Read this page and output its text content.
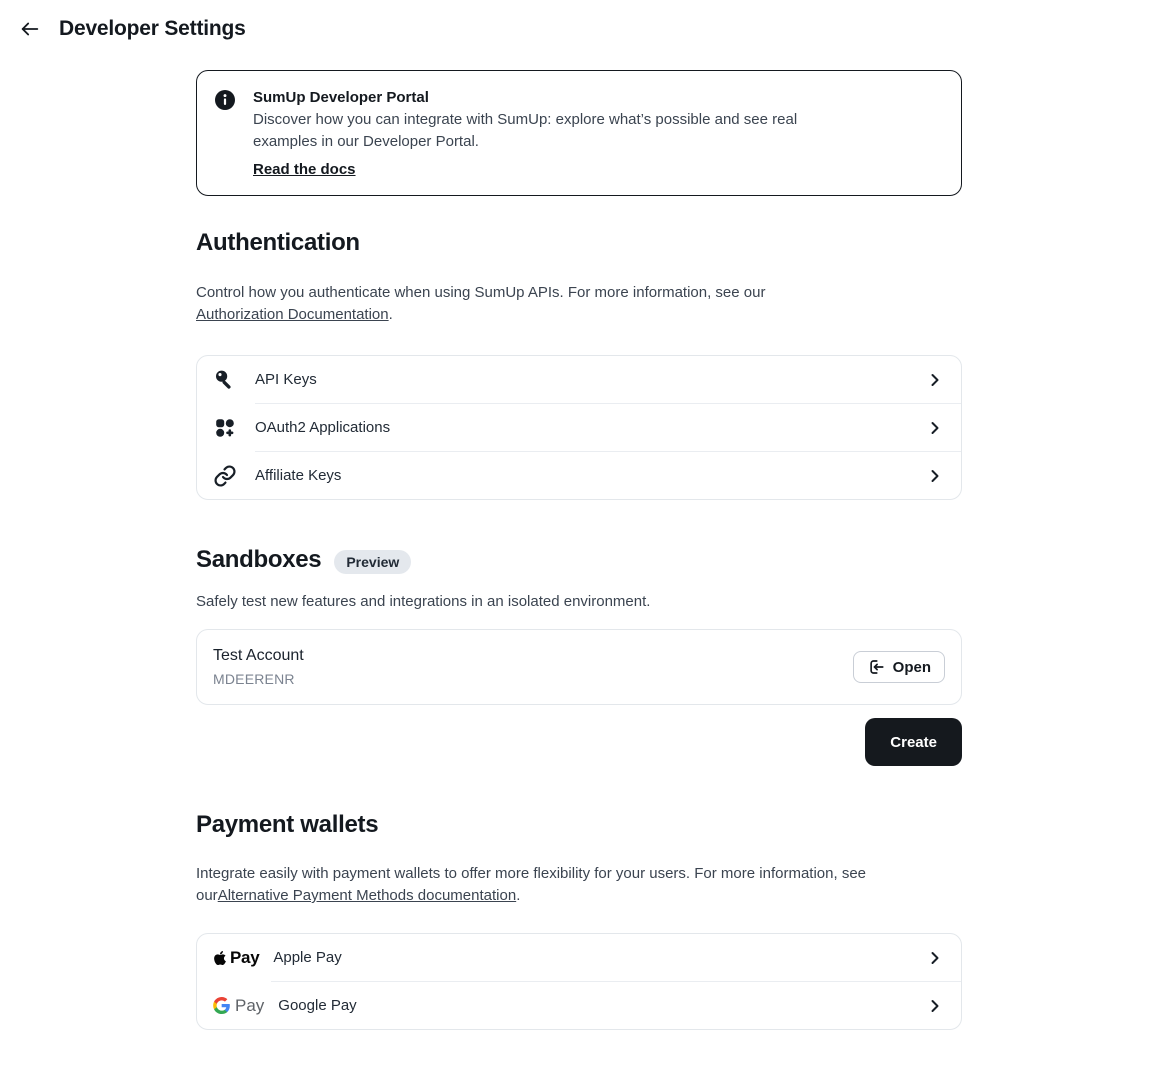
Developer Settings
SumUp Developer Portal
Discover how you can integrate with SumUp: explore what’s possible and see real examples in our Developer Portal.
Read the docs
Authentication

Control how you authenticate when using SumUp APIs. For more information, see our Authorization Documentation.

API Keys
OAuth2 Applications
Affiliate Keys
Sandboxes	Preview

Safely test new features and integrations in an isolated environment.

Test Account
MDEERENR
Open
Create
Payment wallets

Integrate easily with payment wallets to offer more flexibility for your users. For more information, see ourAlternative Payment Methods documentation.

Pay Apple Pay
Pay Google Pay
